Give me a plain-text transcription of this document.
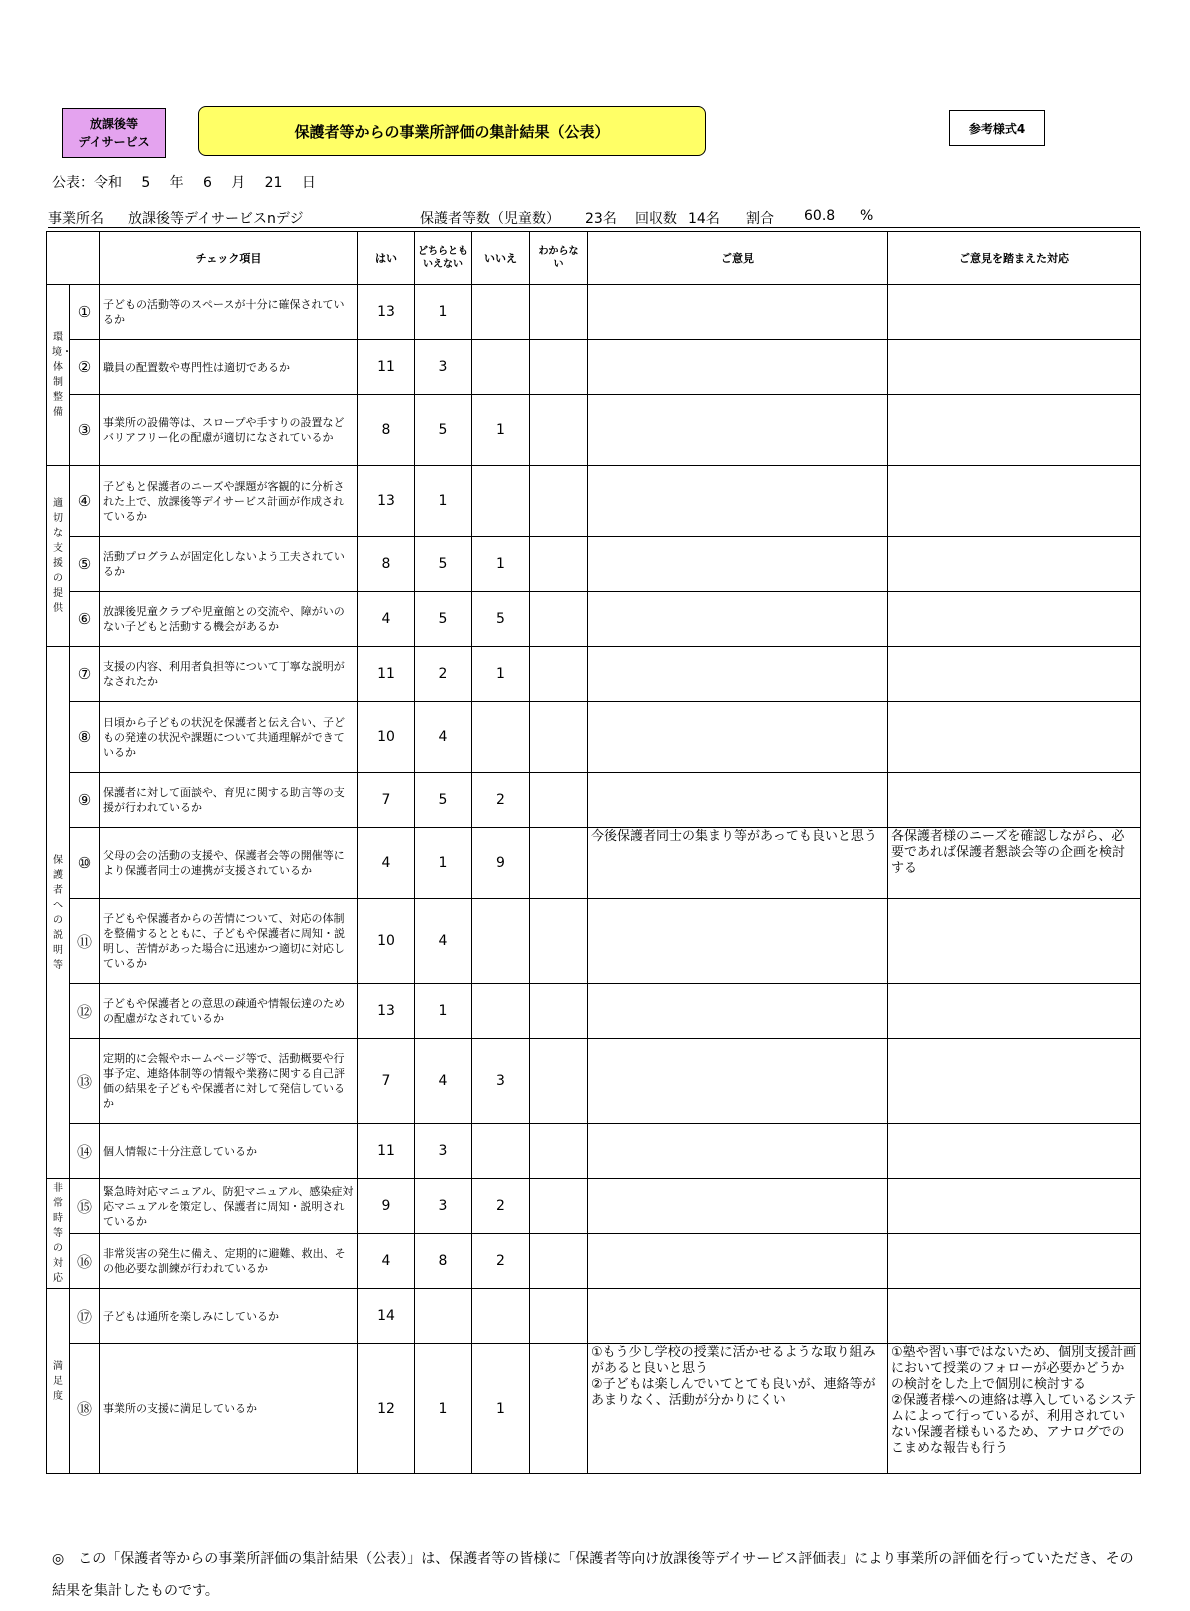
放課後等
デイサービス
保護者等からの事業所評価の集計結果（公表）	参考様式4
公表：令和 5 年 6 月 21 日
事業所名 放課後等デイサービスnデジ	保護者等数（児童数） 23名 回収数 14名 割合 60.8 %
		チェック項目	はい	どちらとも
いえない	いいえ	わからな
い	ご意見	ご意見を踏まえた対応
環境・体制整備	①	子どもの活動等のスペースが十分に確保されているか	13	1				
	②	職員の配置数や専門性は適切であるか	11	3				
	③	事業所の設備等は、スロープや手すりの設置などバリアフリー化の配慮が適切になされているか	8	5	1			
適切な支援の提供	④	子どもと保護者のニーズや課題が客観的に分析された上で、放課後等デイサービス計画が作成されているか	13	1				
	⑤	活動プログラムが固定化しないよう工夫されているか	8	5	1			
	⑥	放課後児童クラブや児童館との交流や、障がいのない子どもと活動する機会があるか	4	5	5			
保護者への説明等	⑦	支援の内容、利用者負担等について丁寧な説明がなされたか	11	2	1			
	⑧	日頃から子どもの状況を保護者と伝え合い、子どもの発達の状況や課題について共通理解ができているか	10	4				
	⑨	保護者に対して面談や、育児に関する助言等の支援が行われているか	7	5	2			
	⑩	父母の会の活動の支援や、保護者会等の開催等により保護者同士の連携が支援されているか	4	1	9		今後保護者同士の集まり等があっても良いと思う	各保護者様のニーズを確認しながら、必要であれば保護者懇談会等の企画を検討する
	⑪	子どもや保護者からの苦情について、対応の体制を整備するとともに、子どもや保護者に周知・説明し、苦情があった場合に迅速かつ適切に対応しているか	10	4				
	⑫	子どもや保護者との意思の疎通や情報伝達のための配慮がなされているか	13	1				
	⑬	定期的に会報やホームページ等で、活動概要や行事予定、連絡体制等の情報や業務に関する自己評価の結果を子どもや保護者に対して発信しているか	7	4	3			
	⑭	個人情報に十分注意しているか	11	3				
非常時等の対応	⑮	緊急時対応マニュアル、防犯マニュアル、感染症対応マニュアルを策定し、保護者に周知・説明されているか	9	3	2			
	⑯	非常災害の発生に備え、定期的に避難、救出、その他必要な訓練が行われているか	4	8	2			
満足度	⑰	子どもは通所を楽しみにしているか	14					
	⑱	事業所の支援に満足しているか	12	1	1		①もう少し学校の授業に活かせるような取り組みがあると良いと思う
②子どもは楽しんでいてとても良いが、連絡等があまりなく、活動が分かりにくい	①塾や習い事ではないため、個別支援計画において授業のフォローが必要かどうかの検討をした上で個別に検討する
②保護者様への連絡は導入しているシステムによって行っているが、利用されていない保護者様もいるため、アナログでのこまめな報告も行う
◎　この「保護者等からの事業所評価の集計結果（公表）」は、保護者等の皆様に「保護者等向け放課後等デイサービス評価表」により事業所の評価を行っていただき、その結果を集計したものです。
